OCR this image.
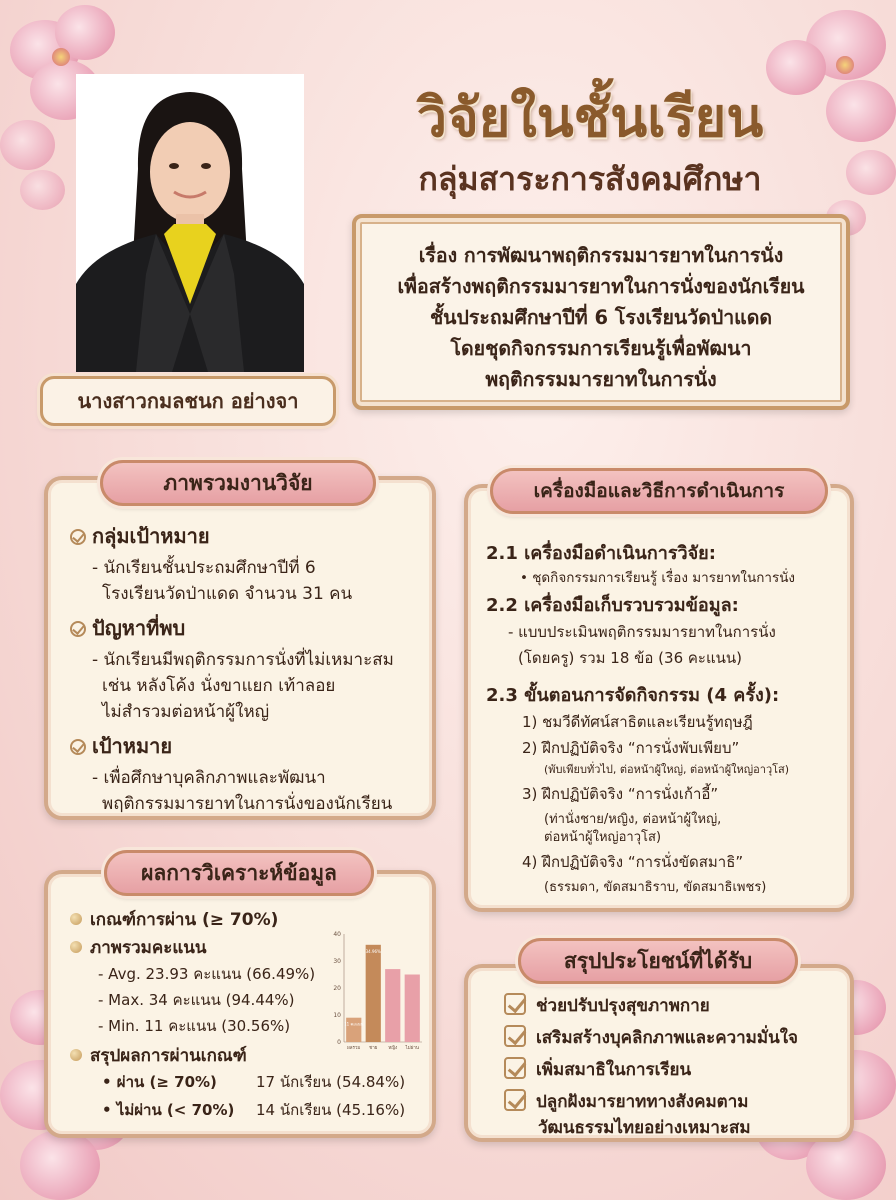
วิจัยในชั้นเรียน
กลุ่มสาระการสังคมศึกษา
นางสาวกมลชนก อย่างจา
เรื่อง การพัฒนาพฤติกรรมมารยาทในการนั่ง
เพื่อสร้างพฤติกรรมมารยาทในการนั่งของนักเรียน
ชั้นประถมศึกษาปีที่ 6 โรงเรียนวัดป่าแดด
โดยชุดกิจกรรมการเรียนรู้เพื่อพัฒนา
พฤติกรรมมารยาทในการนั่ง
ภาพรวมงานวิจัย
กลุ่มเป้าหมาย
- นักเรียนชั้นประถมศึกษาปีที่ 6
โรงเรียนวัดป่าแดด จำนวน 31 คน
ปัญหาที่พบ
- นักเรียนมีพฤติกรรมการนั่งที่ไม่เหมาะสม
เช่น หลังโค้ง นั่งขาแยก เท้าลอย
ไม่สำรวมต่อหน้าผู้ใหญ่
เป้าหมาย
- เพื่อศึกษาบุคลิกภาพและพัฒนา
พฤติกรรมมารยาทในการนั่งของนักเรียน
เครื่องมือและวิธีการดำเนินการ
2.1 เครื่องมือดำเนินการวิจัย:
• ชุดกิจกรรมการเรียนรู้ เรื่อง มารยาทในการนั่ง
2.2 เครื่องมือเก็บรวบรวมข้อมูล:
- แบบประเมินพฤติกรรมมารยาทในการนั่ง
(โดยครู) รวม 18 ข้อ (36 คะแนน)
2.3 ขั้นตอนการจัดกิจกรรม (4 ครั้ง):
1) ชมวีดีทัศน์สาธิตและเรียนรู้ทฤษฎี
2) ฝึกปฏิบัติจริง “การนั่งพับเพียบ”
(พับเพียบทั่วไป, ต่อหน้าผู้ใหญ่, ต่อหน้าผู้ใหญ่อาวุโส)
3) ฝึกปฏิบัติจริง “การนั่งเก้าอี้”
(ท่านั่งชาย/หญิง, ต่อหน้าผู้ใหญ่,
ต่อหน้าผู้ใหญ่อาวุโส)
4) ฝึกปฏิบัติจริง “การนั่งขัดสมาธิ”
(ธรรมดา, ขัดสมาธิราบ, ขัดสมาธิเพชร)
ผลการวิเคราะห์ข้อมูล
เกณฑ์การผ่าน (≥ 70%)
ภาพรวมคะแนน
- Avg. 23.93 คะแนน (66.49%)
- Max. 34 คะแนน (94.44%)
- Min. 11 คะแนน (30.56%)
สรุปผลการผ่านเกณฑ์
• ผ่าน (≥ 70%)	17 นักเรียน (54.84%)
• ไม่ผ่าน (< 70%) 14 นักเรียน (45.16%)
0
10
20
30
40
11 คะแนน
ผลรวม
34.96%
ชาย หญิง ไม่ผ่าน
สรุปประโยชน์ที่ได้รับ
ช่วยปรับปรุงสุขภาพกาย
เสริมสร้างบุคลิกภาพและความมั่นใจ
เพิ่มสมาธิในการเรียน
ปลูกฝังมารยาททางสังคมตาม
วัฒนธรรมไทยอย่างเหมาะสม
